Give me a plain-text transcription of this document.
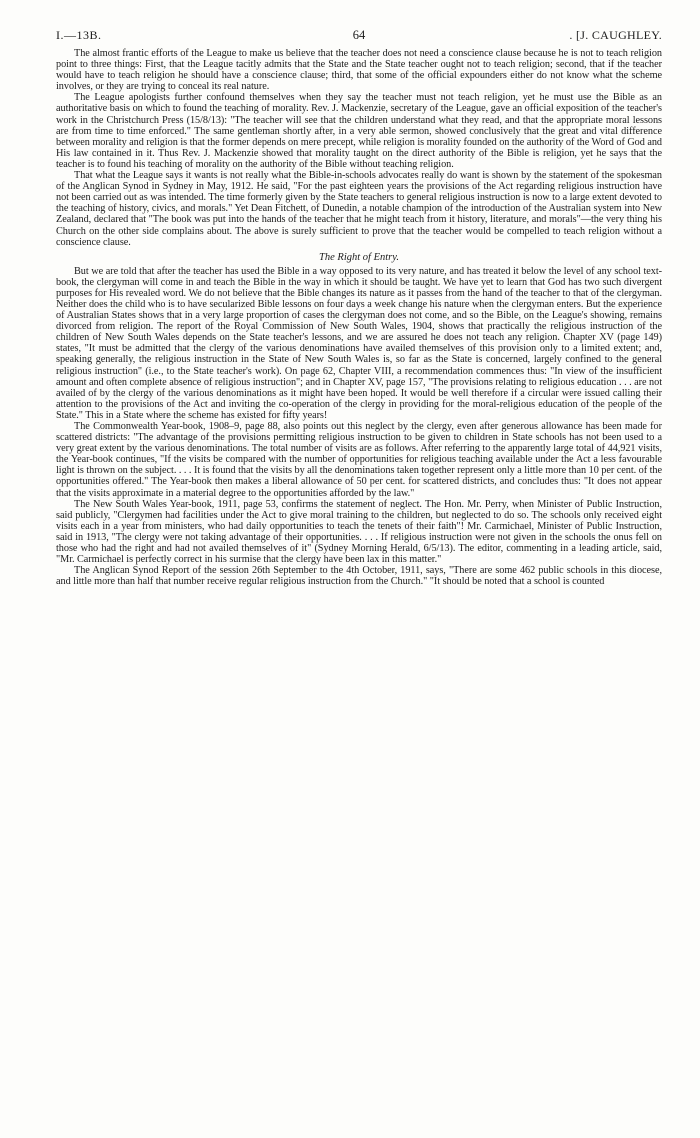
I.—13B.	64	. [J. CAUGHLEY.

The almost frantic efforts of the League to make us believe that the teacher does not need a conscience clause because he is not to teach religion point to three things: First, that the League tacitly admits that the State and the State teacher ought not to teach religion; second, that if the teacher would have to teach religion he should have a conscience clause; third, that some of the official expounders either do not know what the scheme involves, or they are trying to conceal its real nature.

The League apologists further confound themselves when they say the teacher must not teach religion, yet he must use the Bible as an authoritative basis on which to found the teaching of morality. Rev. J. Mackenzie, secretary of the League, gave an official exposition of the teacher's work in the Christchurch Press (15/8/13): "The teacher will see that the children understand what they read, and that the appropriate moral lessons are from time to time enforced." The same gentleman shortly after, in a very able sermon, showed conclusively that the great and vital difference between morality and religion is that the former depends on mere precept, while religion is morality founded on the authority of the Word of God and His law contained in it. Thus Rev. J. Mackenzie showed that morality taught on the direct authority of the Bible is religion, yet he says that the teacher is to found his teaching of morality on the authority of the Bible without teaching religion.

That what the League says it wants is not really what the Bible-in-schools advocates really do want is shown by the statement of the spokesman of the Anglican Synod in Sydney in May, 1912. He said, "For the past eighteen years the provisions of the Act regarding religious instruction have not been carried out as was intended. The time formerly given by the State teachers to general religious instruction is now to a large extent devoted to the teaching of history, civics, and morals." Yet Dean Fitchett, of Dunedin, a notable champion of the introduction of the Australian system into New Zealand, declared that "The book was put into the hands of the teacher that he might teach from it history, literature, and morals"—the very thing his Church on the other side complains about. The above is surely sufficient to prove that the teacher would be compelled to teach religion without a conscience clause.

The Right of Entry.

But we are told that after the teacher has used the Bible in a way opposed to its very nature, and has treated it below the level of any school text-book, the clergyman will come in and teach the Bible in the way in which it should be taught. We have yet to learn that God has two such divergent purposes for His revealed word. We do not believe that the Bible changes its nature as it passes from the hand of the teacher to that of the clergyman. Neither does the child who is to have secularized Bible lessons on four days a week change his nature when the clergyman enters. But the experience of Australian States shows that in a very large proportion of cases the clergyman does not come, and so the Bible, on the League's showing, remains divorced from religion. The report of the Royal Commission of New South Wales, 1904, shows that practically the religious instruction of the children of New South Wales depends on the State teacher's lessons, and we are assured he does not teach any religion. Chapter XV (page 149) states, "It must be admitted that the clergy of the various denominations have availed themselves of this provision only to a limited extent; and, speaking generally, the religious instruction in the State of New South Wales is, so far as the State is concerned, largely confined to the general religious instruction" (i.e., to the State teacher's work). On page 62, Chapter VIII, a recommendation commences thus: "In view of the insufficient amount and often complete absence of religious instruction"; and in Chapter XV, page 157, "The provisions relating to religious education . . . are not availed of by the clergy of the various denominations as it might have been hoped. It would be well therefore if a circular were issued calling their attention to the provisions of the Act and inviting the co-operation of the clergy in providing for the moral-religious education of the people of the State." This in a State where the scheme has existed for fifty years!

The Commonwealth Year-book, 1908–9, page 88, also points out this neglect by the clergy, even after generous allowance has been made for scattered districts: "The advantage of the provisions permitting religious instruction to be given to children in State schools has not been used to a very great extent by the various denominations. The total number of visits are as follows. After referring to the apparently large total of 44,921 visits, the Year-book continues, "If the visits be compared with the number of opportunities for religious teaching available under the Act a less favourable light is thrown on the subject. . . . It is found that the visits by all the denominations taken together represent only a little more than 10 per cent. of the opportunities offered." The Year-book then makes a liberal allowance of 50 per cent. for scattered districts, and concludes thus: "It does not appear that the visits approximate in a material degree to the opportunities afforded by the law."

The New South Wales Year-book, 1911, page 53, confirms the statement of neglect. The Hon. Mr. Perry, when Minister of Public Instruction, said publicly, "Clergymen had facilities under the Act to give moral training to the children, but neglected to do so. The schools only received eight visits each in a year from ministers, who had daily opportunities to teach the tenets of their faith"! Mr. Carmichael, Minister of Public Instruction, said in 1913, "The clergy were not taking advantage of their opportunities. . . . If religious instruction were not given in the schools the onus fell on those who had the right and had not availed themselves of it" (Sydney Morning Herald, 6/5/13). The editor, commenting in a leading article, said, "Mr. Carmichael is perfectly correct in his surmise that the clergy have been lax in this matter."

The Anglican Synod Report of the session 26th September to the 4th October, 1911, says, "There are some 462 public schools in this diocese, and little more than half that number receive regular religious instruction from the Church." "It should be noted that a school is counted
